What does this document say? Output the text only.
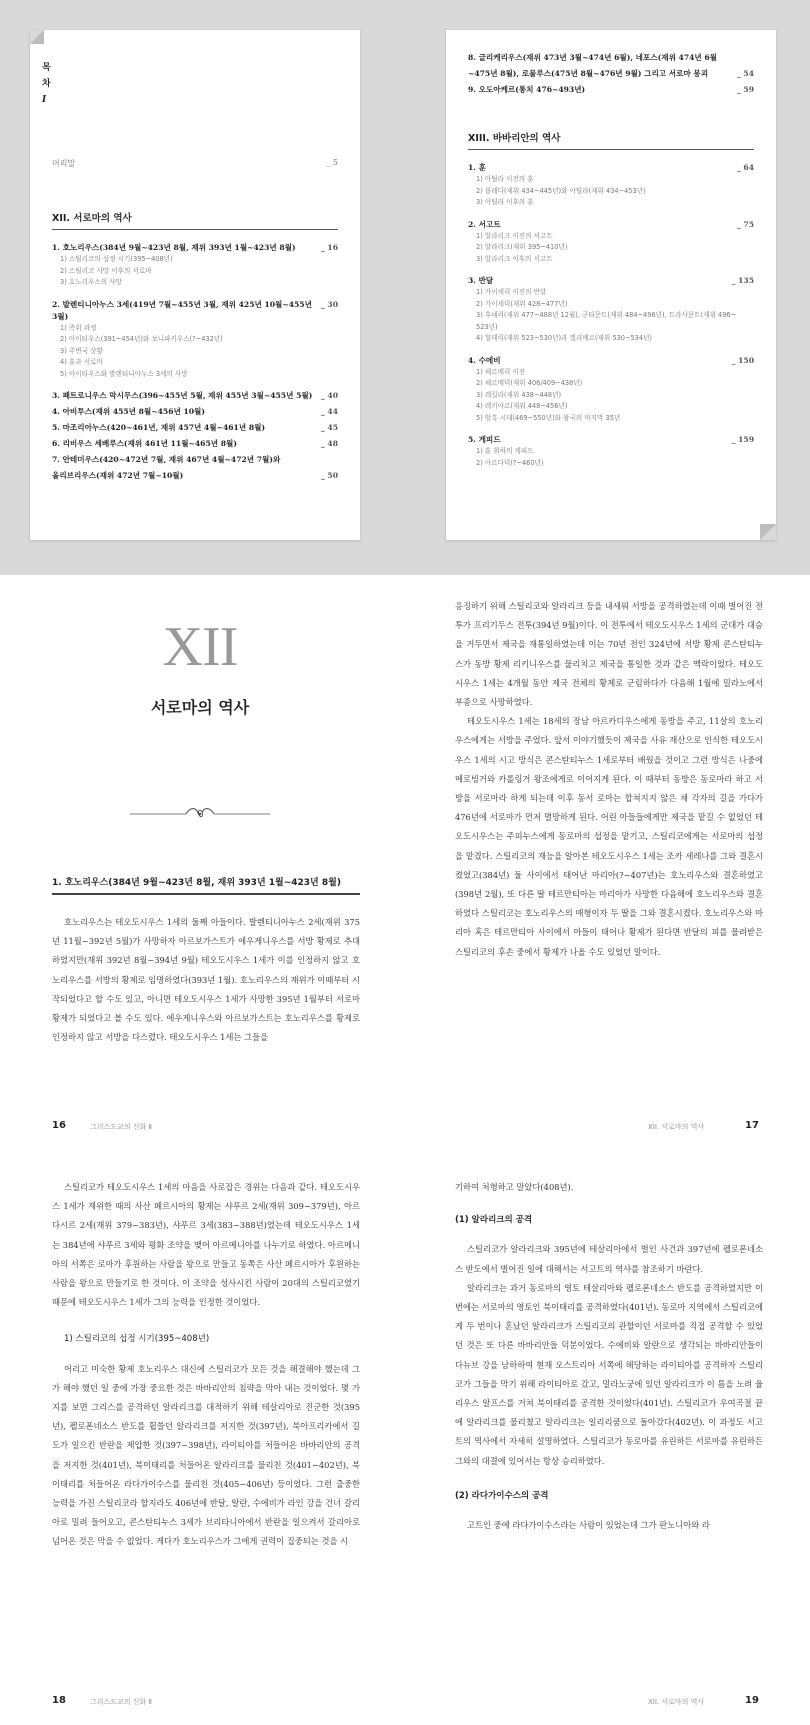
목
차
I
머리말	_ 5
XII. 서로마의 역사
1. 호노리우스(384년 9월~423년 8월, 재위 393년 1월~423년 8월)	_ 16
1) 스틸리코의 섭정 시기(395~408년)
2) 스틸리코 사망 이후의 서로마
3) 호노리우스의 사망
2. 발렌티니아누스 3세(419년 7월~455년 3월, 재위 425년 10월~455년 3월)
_ 30
1) 즉위 과정
2) 아이티우스(391~454년)와 보니파키우스(?~432년)
3) 주변국 상황
4) 훈과 서로마
5) 아이티우스와 발렌티니아누스 3세의 사망
3. 페트로니우스 막시무스(396~455년 5월, 재위 455년 3월~455년 5월)	_ 40
4. 아비투스(재위 455년 8월~456년 10월)	_ 44
5. 마조리아누스(420~461년, 재위 457년 4월~461년 8월)	_ 45
6. 리비우스 세베루스(재위 461년 11월~465년 8월)	_ 48
7. 안테미우스(420~472년 7월, 재위 467년 4월~472년 7월)와
올리브리우스(재위 472년 7월~10월)	_ 50
8. 글리케리우스(재위 473년 3월~474년 6월), 네포스(재위 474년 6월
~475년 8월), 로물루스(475년 8월~476년 9월) 그리고 서로마 붕괴	_ 54
9. 오도아케르(통치 476~493년)	_ 59
XIII. 바바리안의 역사
1. 훈	_ 64
1) 아틸라 이전의 훈
2) 블레다(재위 434~445년)와 아틸라(재위 434~453년)
3) 아틸라 이후의 훈
2. 서고트	_ 75
1) 알라리크 이전의 서고트
2) 알라리크(재위 395~410년)
3) 알라리크 이후의 서고트
3. 반달	_ 135
1) 가이세릭 이전의 반달
2) 가이세릭(재위 428~477년)
3) 후네릭(재위 477~488년 12월), 군타문트(재위 484~496년), 트라사문트(재위 496~
523년)
4) 힐데릭(재위 523~530년)과 겔리메르(재위 530~534년)
4. 수에비	_ 150
1) 헤르메릭 이전
2) 헤르메릭(재위 406/409~438년)
3) 레킬라(재위 438~448년)
4) 레키아르(재위 448~456년)
5) 암흑 시대(469~550년)와 왕국의 마지막 35년
5. 게피드	_ 159
1) 훈 휘하의 게피드
2) 아르다릭(?~460년)
XII
서로마의 역사
1. 호노리우스(384년 9월~423년 8월, 재위 393년 1월~423년 8월)

호노리우스는 테오도시우스 1세의 둘째 아들이다. 발렌티니아누스 2세(재위 375년 11월~392년 5월)가 사망하자 아르보가스트가 에우게니우스를 서방 황제로 추대하였지만(재위 392년 8월~394년 9월) 테오도시우스 1세가 이를 인정하지 않고 호노리우스를 서방의 황제로 임명하였다(393년 1월). 호노리우스의 재위가 이때부터 시작되었다고 할 수도 있고, 아니면 테오도시우스 1세가 사망한 395년 1월부터 서로마 황제가 되었다고 볼 수도 있다. 에우게니우스와 아르보가스트는 호노리우스를 황제로 인정하지 않고 서방을 다스렸다. 테오도시우스 1세는 그들을

응징하기 위해 스틸리코와 알라리크 등을 내세워 서방을 공격하였는데 이때 벌어진 전투가 프리기두스 전투(394년 9월)이다. 이 전투에서 테오도시우스 1세의 군대가 대승을 거두면서 제국을 재통일하였는데 이는 70년 전인 324년에 서방 황제 콘스탄티누스가 동방 황제 리키니우스를 물리치고 제국을 통일한 것과 같은 맥락이었다. 테오도시우스 1세는 4개월 동안 제국 전체의 황제로 군림하다가 다음해 1월에 밀라노에서 부종으로 사망하였다.

테오도시우스 1세는 18세의 장남 아르카디우스에게 동방을 주고, 11살의 호노리우스에게는 서방을 주었다. 앞서 이야기했듯이 제국을 사유 재산으로 인식한 테오도시우스 1세의 시고 방식은 콘스탄티누스 1세로부터 배웠을 것이고 그런 방식은 나중에 메로빙거와 카롤링거 왕조에게로 이어지게 된다. 이 때부터 동방은 동로마라 하고 서방을 서로마라 하게 되는데 이후 동서 로마는 합쳐지지 않은 채 각자의 길을 가다가 476년에 서로마가 먼저 멸망하게 된다. 어린 아들들에게만 제국을 맡길 수 없었던 테오도시우스는 주피누스에게 동로마의 섭정을 맡기고, 스틸리코에게는 서로마의 섭정을 맡겼다. 스틸리코의 재능을 알아본 테오도시우스 1세는 조카 세레나를 그와 결혼시켰었고(384년) 둘 사이에서 태어난 마리아(?~407년)는 호노리우스와 결혼하였고(398년 2월), 또 다른 딸 테르만티아는 마리아가 사망한 다음해에 호노리우스와 결혼하였다 스틸리코는 호노리우스의 매형이자 두 딸을 그와 결혼시켰다. 호노리우스와 마리아 혹은 테르만티아 사이에서 아들이 태어나 황제가 된다면 반달의 피를 물려받은 스틸리코의 후손 중에서 황제가 나올 수도 있었던 말이다.

16	그리스도교의 신화 Ⅱ	XII. 서로마의 역사	17

스틸리코가 테오도시우스 1세의 마음을 사로잡은 경위는 다음과 같다. 테오도시우스 1세가 재위한 때의 사산 페르시아의 황제는 샤푸르 2세(재위 309~379년), 아르다시르 2세(재위 379~383년), 샤푸르 3세(383~388년)였는데 테오도시우스 1세는 384년에 샤푸르 3세와 평화 조약을 맺어 아르메니아를 나누기로 하였다. 아르메니아의 서쪽은 로마가 후원하는 사람을 왕으로 만들고 동쪽은 사산 페르시아가 후원하는 사람을 왕으로 만들기로 한 것이다. 이 조약을 성사시킨 사람이 20대의 스틸리코였기 때문에 테오도시우스 1세가 그의 능력을 인정한 것이었다.

1) 스틸리코의 섭정 시기(395~408년)

어리고 미숙한 황제 호노리우스 대신에 스틸리코가 모든 것을 해결해야 했는데 그가 해야 했던 일 중에 가장 중요한 것은 바바리안의 침략을 막아 내는 것이었다. 몇 가지를 보면 그리스를 공격하던 알라리크를 대적하기 위해 테살리아로 진군한 것(395년), 펠로폰네소스 반도를 휩쓸던 알라리크를 저지한 것(397년), 북아프리카에서 길도가 일으킨 반란을 제압한 것(397~398년), 라이티아를 처들어온 바바리안의 공격을 저지한 것(401년), 북이태리를 처들어온 알라리크를 물리친 것(401~402년), 북이태리를 처들어온 라다가이수스를 물리친 것(405~406년) 등이었다. 그런 출중한 능력을 가진 스틸리코라 할지라도 406년에 반달, 알란, 수에비가 라인 강을 건너 갈리아로 밀려 들어오고, 콘스탄티누스 3세가 브리타니아에서 반란을 일으켜서 갈리아로 넘어온 것은 막을 수 없었다. 게다가 호노리우스가 그에게 권력이 집중되는 것을 시

기하여 처형하고 말았다(408년).

(1) 알라리크의 공격

스틸리코가 알라리크와 395년에 테살리아에서 벌인 사건과 397년에 펠로폰네소스 반도에서 벌어진 일에 대해서는 서고트의 역사를 참조하기 바란다.

알라리크는 과거 동로마의 영토 테살리아와 펠로폰네소스 반도를 공격하였지만 이번에는 서로마의 영토인 북이태리를 공격하였다(401년). 동로마 지역에서 스틸리코에게 두 번이나 혼났던 알라리크가 스틸리코의 관할이던 서로마를 직접 공격할 수 있었던 것은 또 다른 바바리안들 덕분이었다. 수에비와 알란으로 생각되는 바바리안들이 다뉴브 강을 남하하여 현재 오스트리아 서쪽에 해당하는 라이티아를 공격하자 스틸리코가 그들을 막기 위해 라이티아로 갔고, 밀라노궁에 있던 알라리크가 이 틈을 노려 율리우스 알프스를 거쳐 북이태리를 공격한 것이었다(401년). 스틸리코가 우여곡절 끝에 알라리크를 물리쳤고 알라리크는 일리리쿰으로 돌아갔다(402년). 이 과정도 서고트의 역사에서 자세히 설명하였다. 스틸리코가 동로마를 유린하든 서로마를 유린하든 그와의 대결에 있어서는 항상 승리하였다.

(2) 라다가이수스의 공격

고트인 중에 라다가이수스라는 사람이 있었는데 그가 판노니아와 라

18	그리스도교의 신화 Ⅱ	XII. 서로마의 역사	19
